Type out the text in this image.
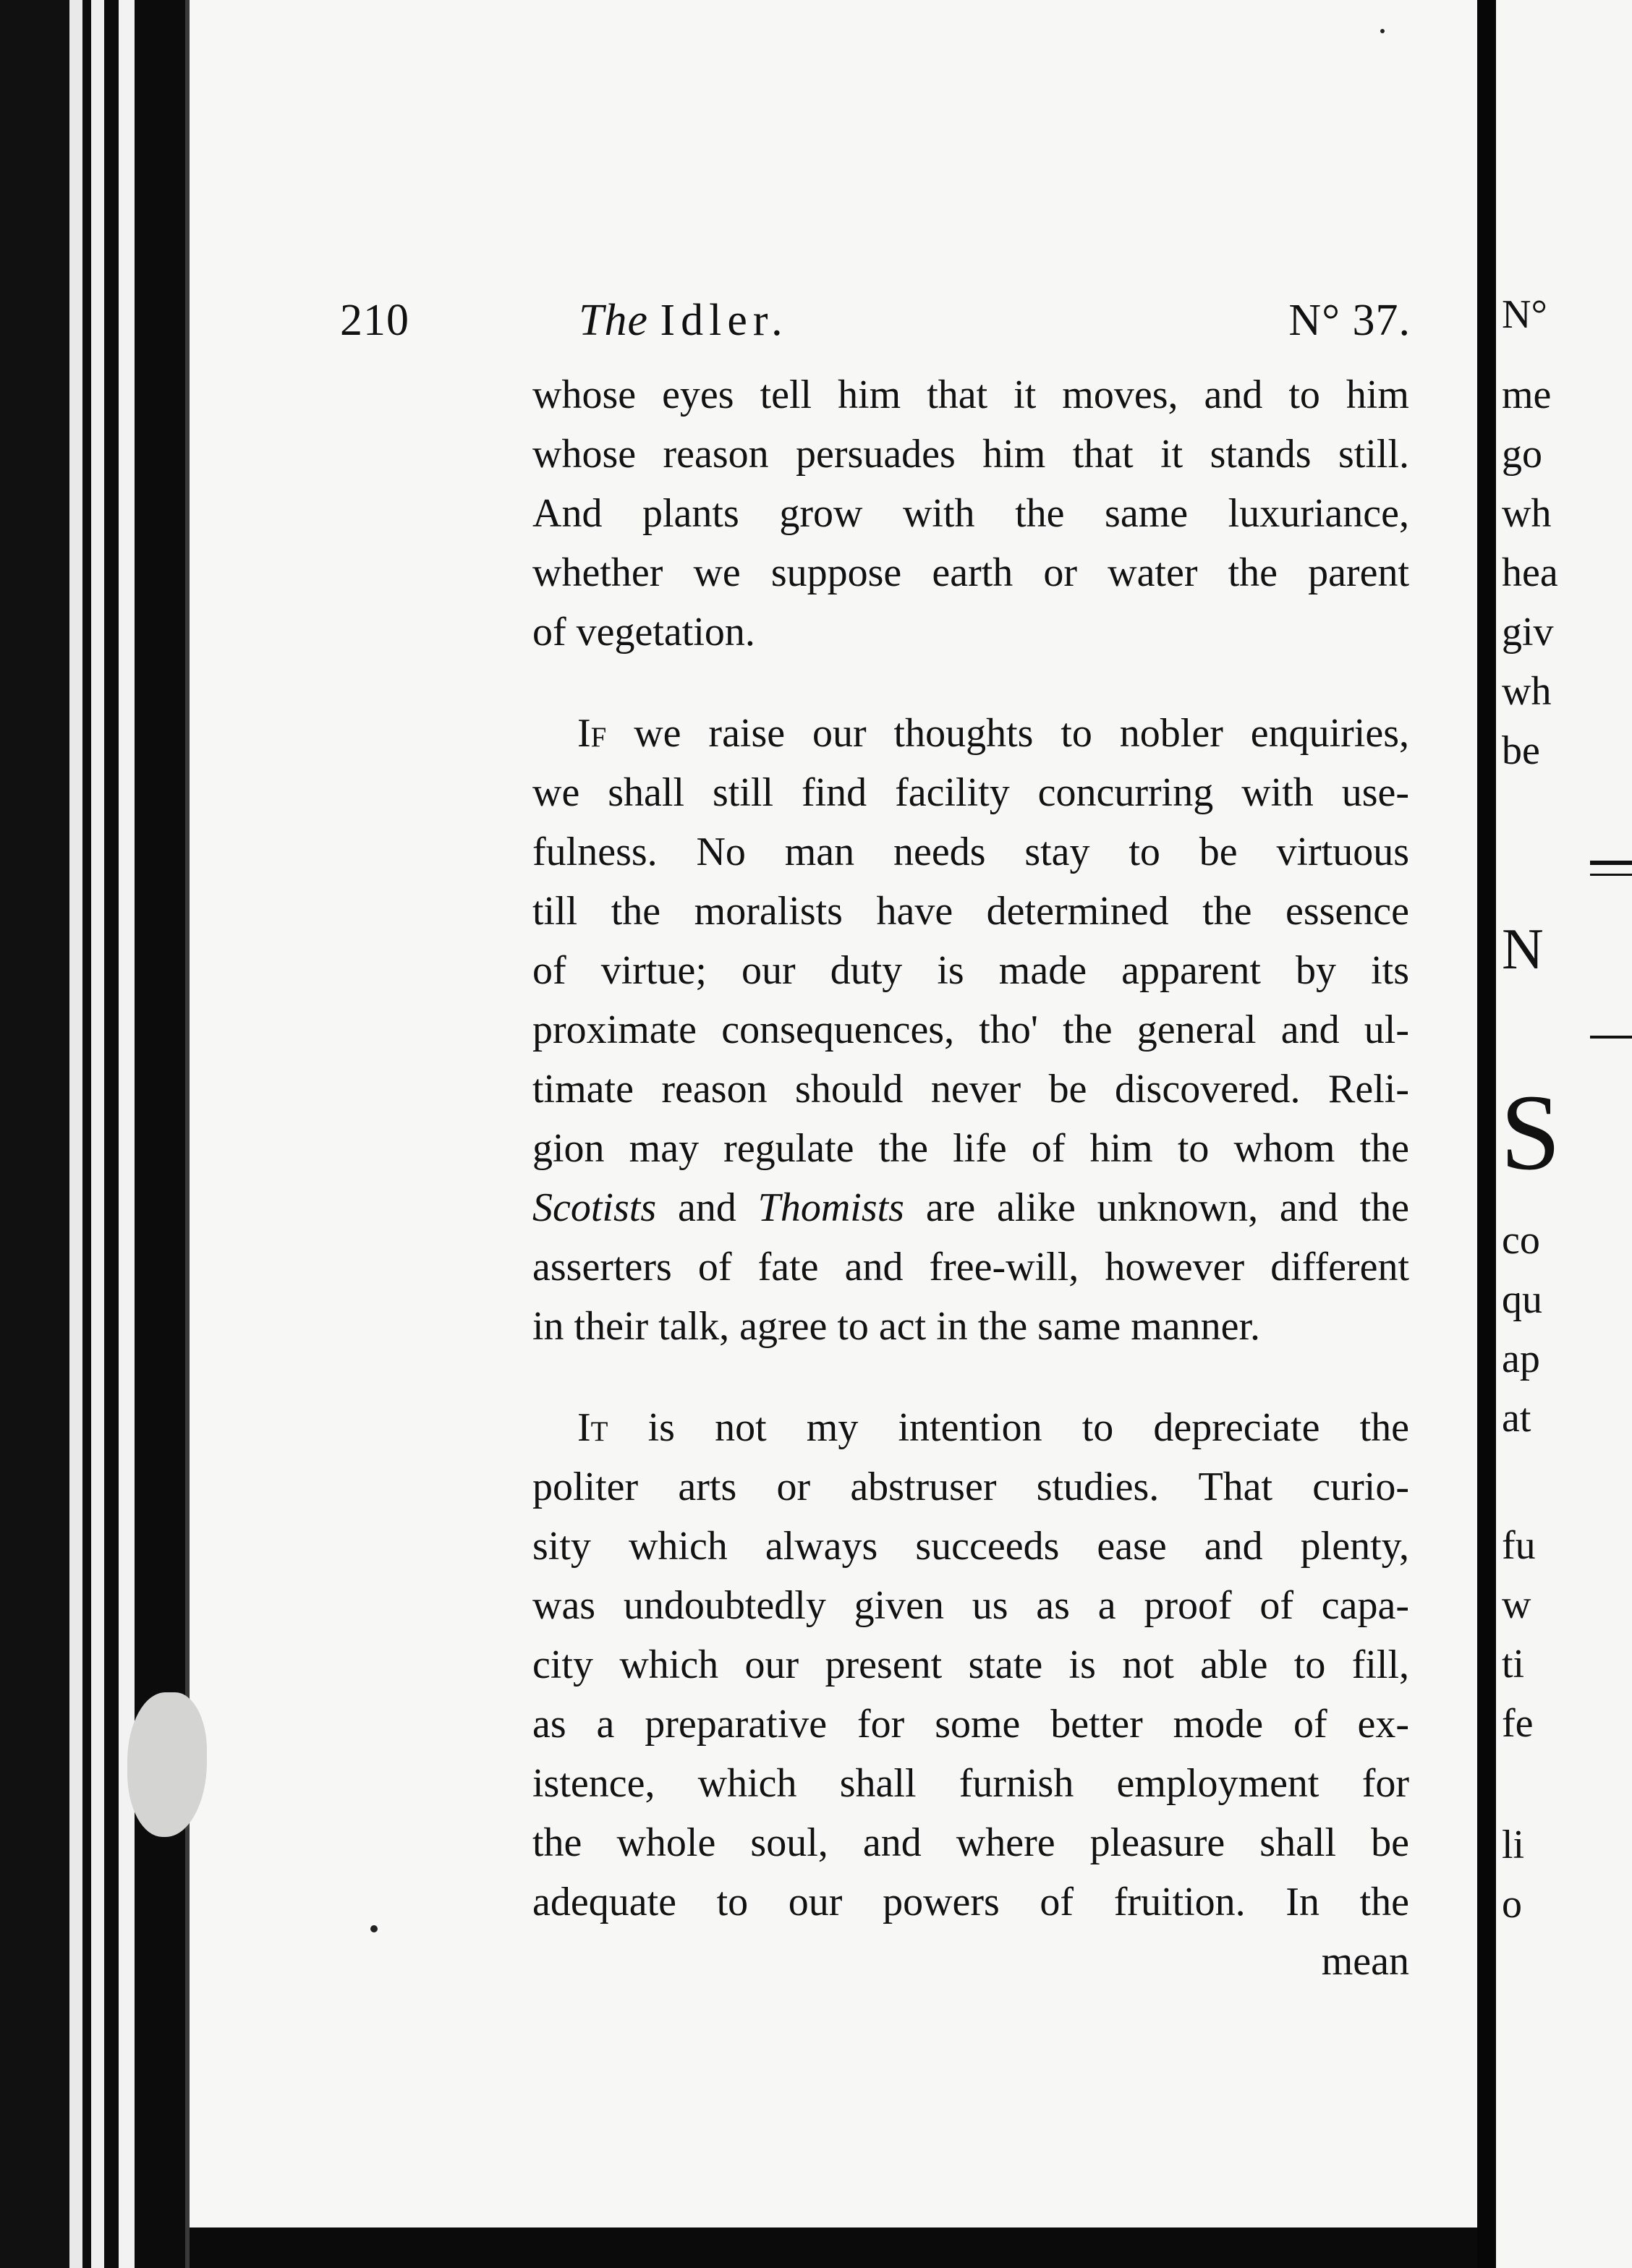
210	The Idler.	N° 37.
whose eyes tell him that it moves, and to him
whose reason persuades him that it stands still.
And plants grow with the same luxuriance,
whether we suppose earth or water the parent
of vegetation.
If we raise our thoughts to nobler enquiries,
we shall still find facility concurring with use-
fulness. No man needs stay to be virtuous
till the moralists have determined the essence
of virtue; our duty is made apparent by its
proximate consequences, tho' the general and ul-
timate reason should never be discovered. Reli-
gion may regulate the life of him to whom the
Scotists and Thomists are alike unknown, and the
asserters of fate and free-will, however different
in their talk, agree to act in the same manner.
It is not my intention to depreciate the
politer arts or abstruser studies. That curio-
sity which always succeeds ease and plenty,
was undoubtedly given us as a proof of capa-
city which our present state is not able to fill,
as a preparative for some better mode of ex-
istence, which shall furnish employment for
the whole soul, and where pleasure shall be
adequate to our powers of fruition. In the
mean
N°
me
go
wh
hea
giv
wh
be
N
S
co
qu
ap
at
fu
w
ti
fe
li
o
